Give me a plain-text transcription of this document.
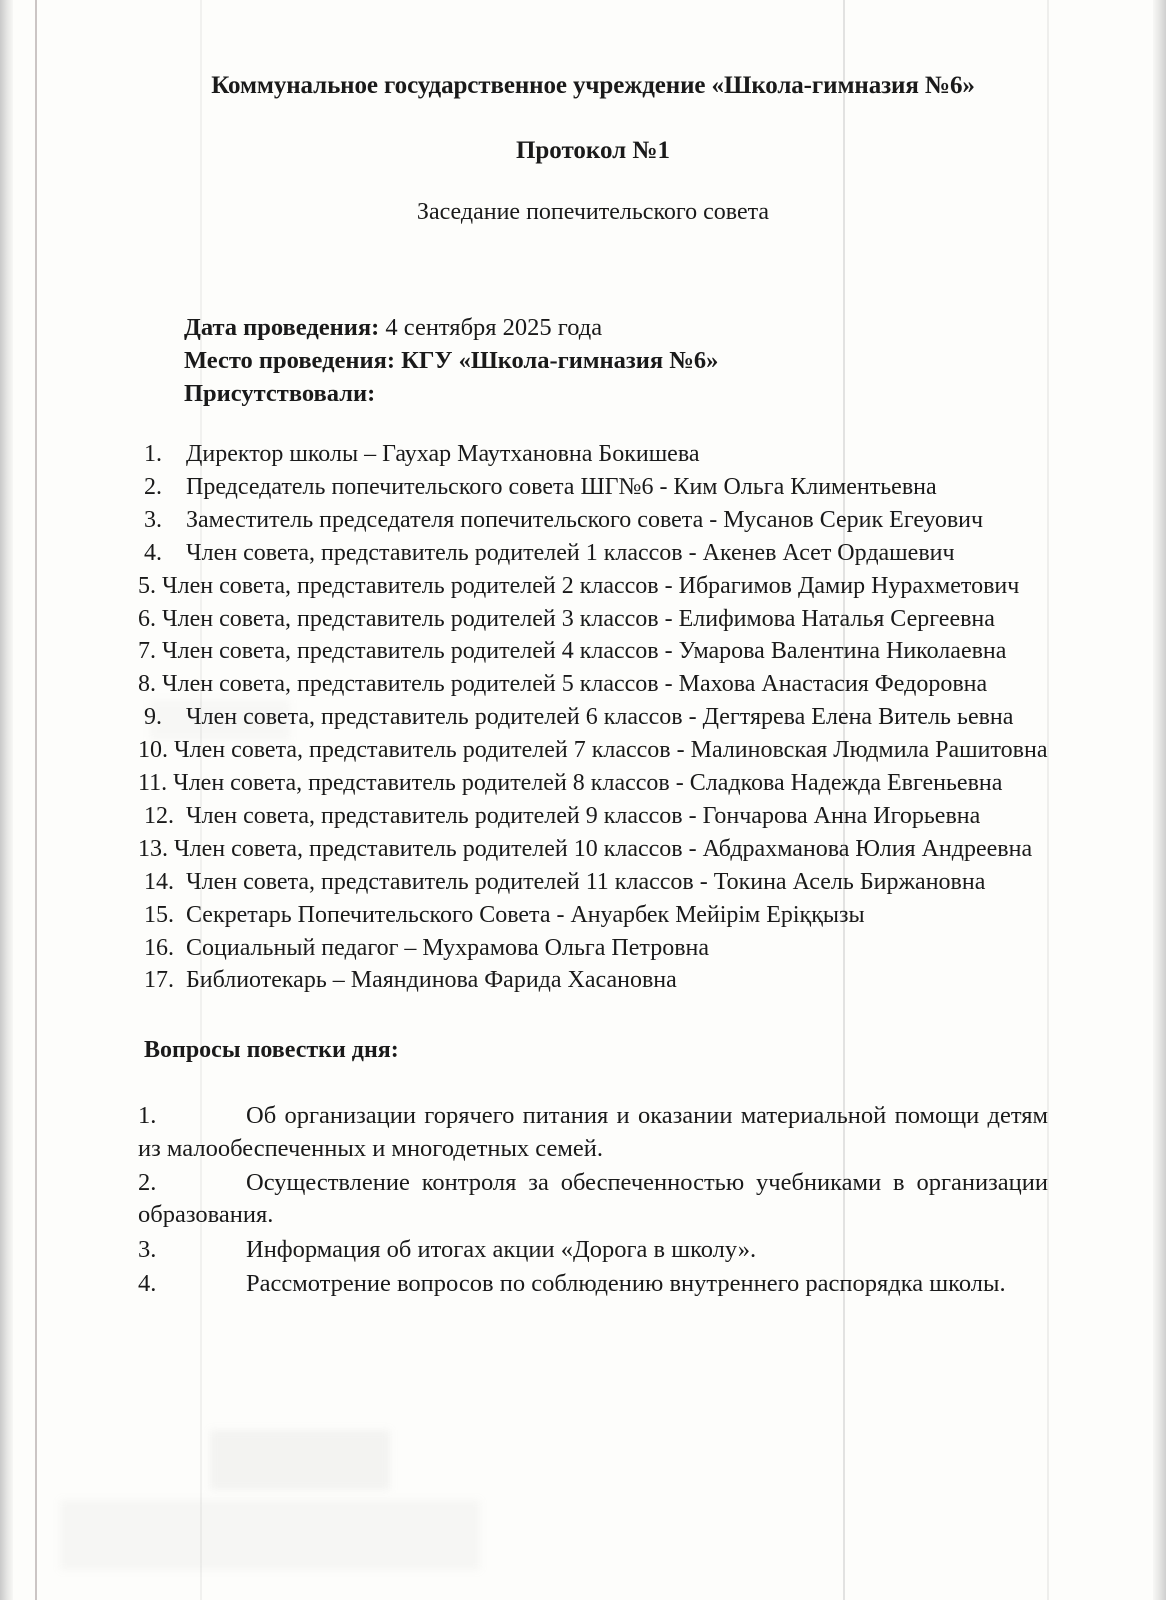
Коммунальное государственное учреждение «Школа-гимназия №6»
Протокол №1
Заседание попечительского совета
Дата проведения: 4 сентября 2025 года
Место проведения: КГУ «Школа-гимназия №6»
Присутствовали:
1.	Директор школы – Гаухар Маутхановна Бокишева
2.	Председатель попечительского совета ШГ№6 - Ким Ольга Климентьевна
3.	Заместитель председателя попечительского совета - Мусанов Серик Егеуович
4.	Член совета, представитель родителей 1 классов - Акенев Асет Ордашевич
5. Член совета, представитель родителей 2 классов - Ибрагимов Дамир Нурахметович
6. Член совета, представитель родителей 3 классов - Елифимова Наталья Сергеевна
7. Член совета, представитель родителей 4 классов - Умарова Валентина Николаевна
8. Член совета, представитель родителей 5 классов - Махова Анастасия Федоровна
9.	Член совета, представитель родителей 6 классов - Дегтярева Елена Витель ьевна
10. Член совета, представитель родителей 7 классов - Малиновская Людмила Рашитовна
11. Член совета, представитель родителей 8 классов - Сладкова Надежда Евгеньевна
12. Член совета, представитель родителей 9 классов - Гончарова Анна Игорьевна
13. Член совета, представитель родителей 10 классов - Абдрахманова Юлия Андреевна
14. Член совета, представитель родителей 11 классов - Токина Асель Биржановна
15. Секретарь Попечительского Совета - Ануарбек Мейірім Еріққызы
16. Социальный педагог – Мухрамова Ольга Петровна
17. Библиотекарь – Маяндинова Фарида Хасановна
Вопросы повестки дня:
1.	Об организации горячего питания и оказании материальной помощи детям из малообеспеченных и многодетных семей.
2.	Осуществление контроля за обеспеченностью учебниками в организации образования.
3.	Информация об итогах акции «Дорога в школу».
4.	Рассмотрение вопросов по соблюдению внутреннего распорядка школы.
